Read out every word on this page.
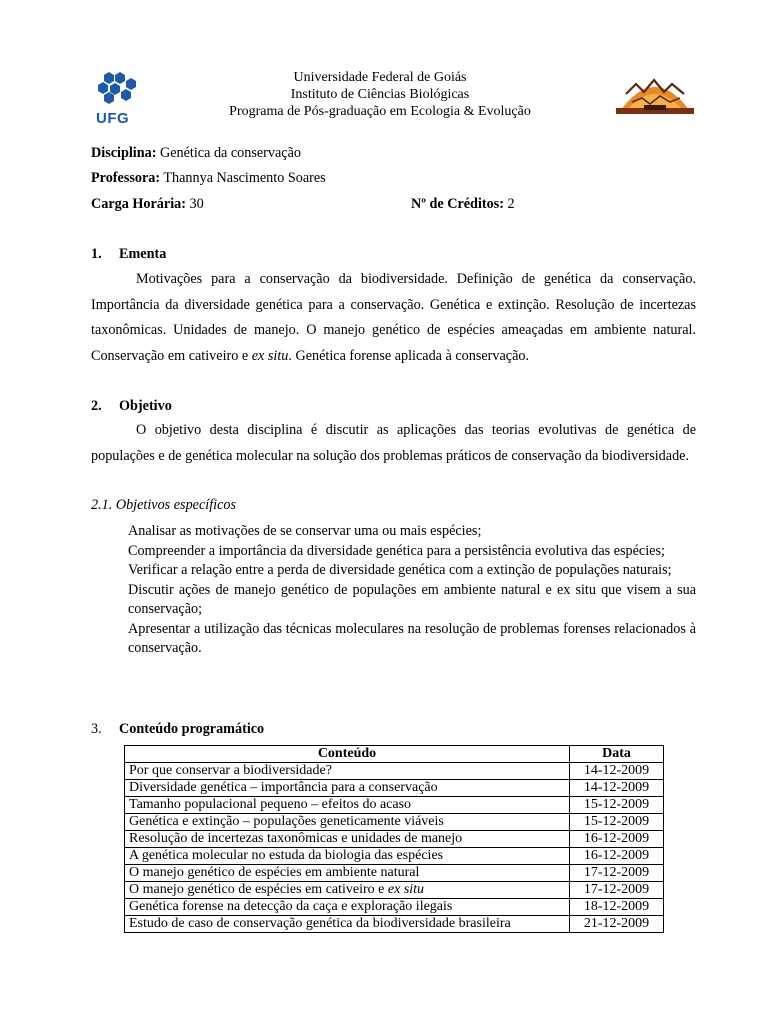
UFG
Universidade Federal de Goiás
Instituto de Ciências Biológicas
Programa de Pós-graduação em Ecologia & Evolução
Disciplina: Genética da conservação
Professora: Thannya Nascimento Soares
Carga Horária: 30	Nº de Créditos: 2
1. Ementa
Motivações para a conservação da biodiversidade. Definição de genética da conservação. Importância da diversidade genética para a conservação. Genética e extinção. Resolução de incertezas taxonômicas. Unidades de manejo. O manejo genético de espécies ameaçadas em ambiente natural. Conservação em cativeiro e ex situ. Genética forense aplicada à conservação.
2. Objetivo
O objetivo desta disciplina é discutir as aplicações das teorias evolutivas de genética de populações e de genética molecular na solução dos problemas práticos de conservação da biodiversidade.
2.1. Objetivos específicos
Analisar as motivações de se conservar uma ou mais espécies;
Compreender a importância da diversidade genética para a persistência evolutiva das espécies;
Verificar a relação entre a perda de diversidade genética com a extinção de populações naturais;
Discutir ações de manejo genético de populações em ambiente natural e ex situ que visem a sua conservação;
Apresentar a utilização das técnicas moleculares na resolução de problemas forenses relacionados à conservação.
3. Conteúdo programático
Conteúdo	Data
Por que conservar a biodiversidade?	14-12-2009
Diversidade genética – importância para a conservação	14-12-2009
Tamanho populacional pequeno – efeitos do acaso	15-12-2009
Genética e extinção – populações geneticamente viáveis	15-12-2009
Resolução de incertezas taxonômicas e unidades de manejo	16-12-2009
A genética molecular no estuda da biologia das espécies	16-12-2009
O manejo genético de espécies em ambiente natural	17-12-2009
O manejo genético de espécies em cativeiro e ex situ	17-12-2009
Genética forense na detecção da caça e exploração ilegais	18-12-2009
Estudo de caso de conservação genética da biodiversidade brasileira	21-12-2009
